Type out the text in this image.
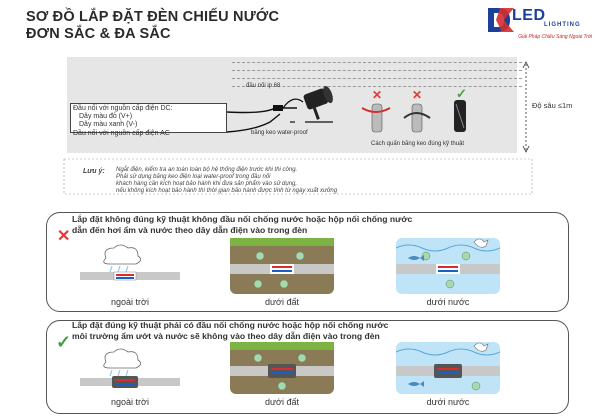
SƠ ĐỒ LẮP ĐẶT ĐÈN CHIẾU NƯỚC
ĐƠN SẮC & ĐA SẮC
LED
LIGHTING
Giải Pháp Chiếu Sáng Ngoài Trời
Độ sâu ≤1m
đầu nối ip 68
Đầu nối với nguồn cấp điện DC:
Dây màu đỏ (V+)
Dây màu xanh (V-)
Đầu nối với nguồn cấp điện AC	băng keo water-proof
✕ ✕	✓
Cách quấn băng keo đúng kỹ thuật
Lưu ý: Ngắt điện, kiểm tra an toàn toàn bộ hệ thống điện trước khi thi công.
Phải sử dụng băng keo điện loại water-proof trong đầu nối
khách hàng cần kích hoạt bảo hành khi đưa sản phẩm vào sử dụng,
nếu không kích hoạt bảo hành thì thời gian bảo hành được tính từ ngày xuất xưởng
Lắp đặt không đúng kỹ thuật không đầu nối chống nước hoặc hộp nối chống nước
dẫn đến hơi ẩm và nước theo dây dẫn điện vào trong đèn
✕
ngoài trời	dưới đất	dưới nước
Lắp đặt đúng kỹ thuật phải có đầu nối chống nước hoặc hộp nối chống nước
môi trường ẩm ướt và nước sẽ không vào theo dây dẫn điện vào trong đèn
✓
ngoài trời	dưới đất	dưới nước
